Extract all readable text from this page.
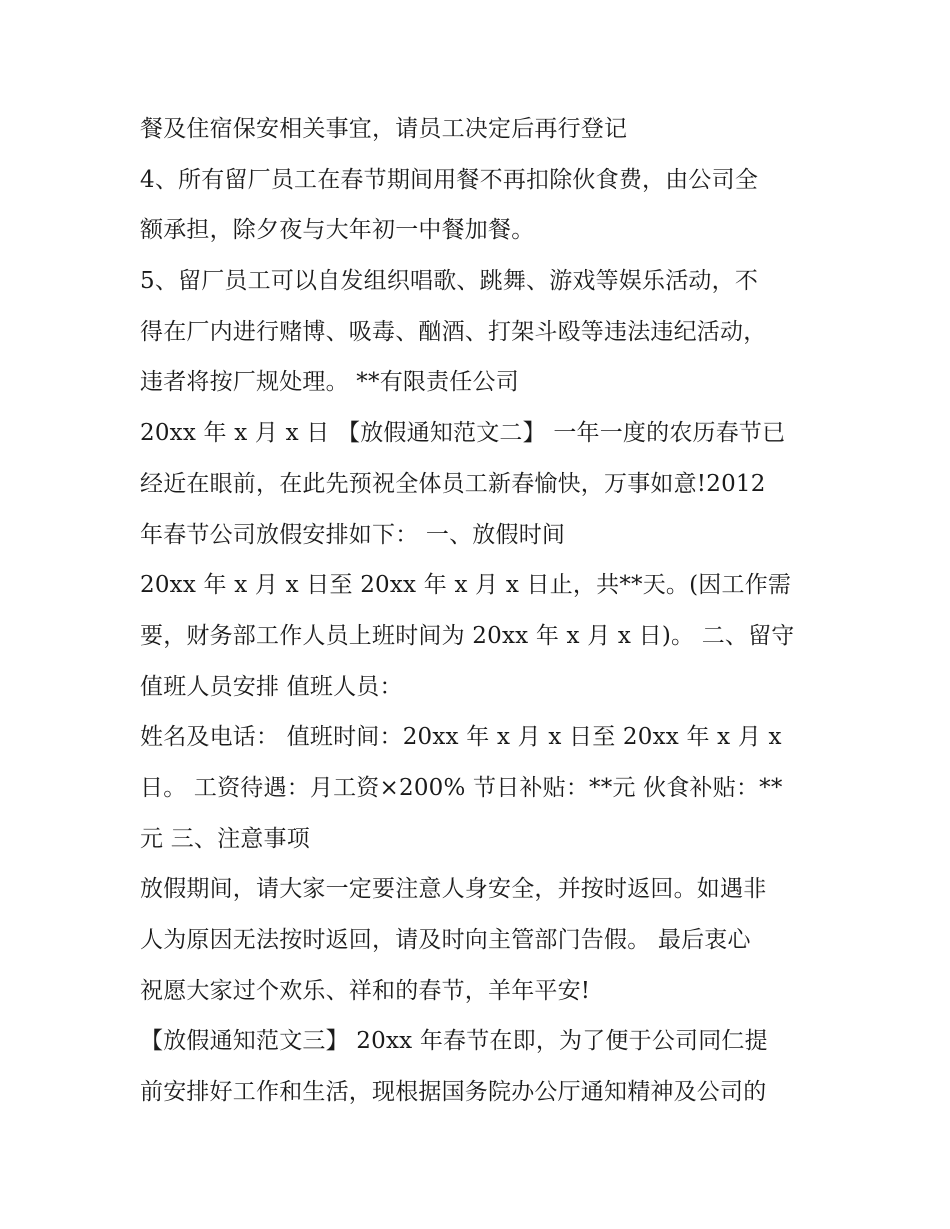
餐及住宿保安相关事宜，请员工决定后再行登记
4、所有留厂员工在春节期间用餐不再扣除伙食费，由公司全
额承担，除夕夜与大年初一中餐加餐。
5、留厂员工可以自发组织唱歌、跳舞、游戏等娱乐活动，不
得在厂内进行赌博、吸毒、酗酒、打架斗殴等违法违纪活动，
违者将按厂规处理。 **有限责任公司
20xx 年 x 月 x 日 【放假通知范文二】 一年一度的农历春节已
经近在眼前，在此先预祝全体员工新春愉快，万事如意!2012
年春节公司放假安排如下： 一、放假时间
20xx 年 x 月 x 日至 20xx 年 x 月 x 日止，共**天。(因工作需
要，财务部工作人员上班时间为 20xx 年 x 月 x 日)。 二、留守
值班人员安排 值班人员：
姓名及电话： 值班时间：20xx 年 x 月 x 日至 20xx 年 x 月 x
日。 工资待遇：月工资×200% 节日补贴：**元 伙食补贴：**
元 三、注意事项
放假期间，请大家一定要注意人身安全，并按时返回。如遇非
人为原因无法按时返回，请及时向主管部门告假。 最后衷心
祝愿大家过个欢乐、祥和的春节，羊年平安!
【放假通知范文三】 20xx 年春节在即，为了便于公司同仁提
前安排好工作和生活，现根据国务院办公厅通知精神及公司的
